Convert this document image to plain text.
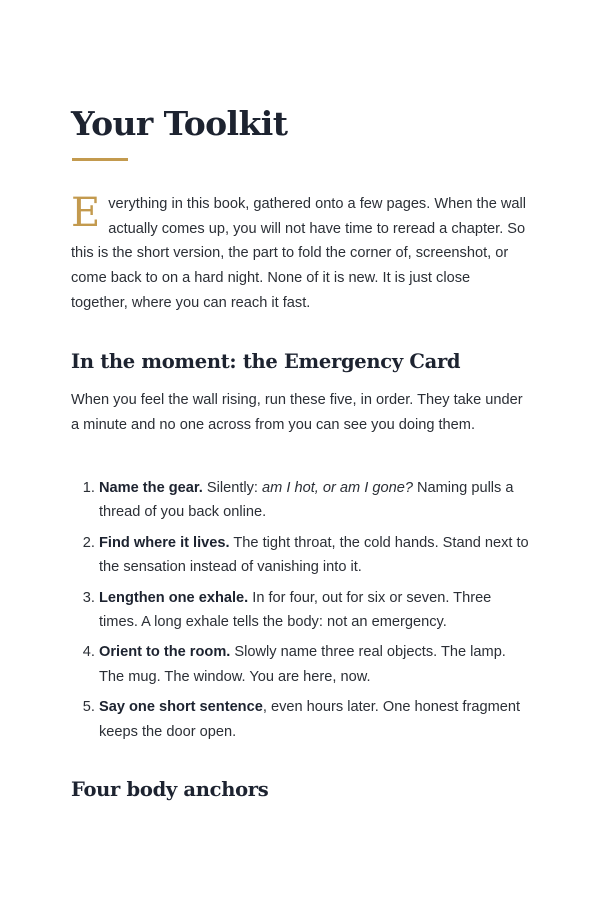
Your Toolkit

Everything in this book, gathered onto a few pages. When the wall actually comes up, you will not have time to reread a chapter. So this is the short version, the part to fold the corner of, screenshot, or come back to on a hard night. None of it is new. It is just close together, where you can reach it fast.

In the moment: the Emergency Card

When you feel the wall rising, run these five, in order. They take under a minute and no one across from you can see you doing them.

1. Name the gear. Silently: am I hot, or am I gone? Naming pulls a thread of you back online.
2. Find where it lives. The tight throat, the cold hands. Stand next to the sensation instead of vanishing into it.
3. Lengthen one exhale. In for four, out for six or seven. Three times. A long exhale tells the body: not an emergency.
4. Orient to the room. Slowly name three real objects. The lamp. The mug. The window. You are here, now.
5. Say one short sentence, even hours later. One honest fragment keeps the door open.
Four body anchors
